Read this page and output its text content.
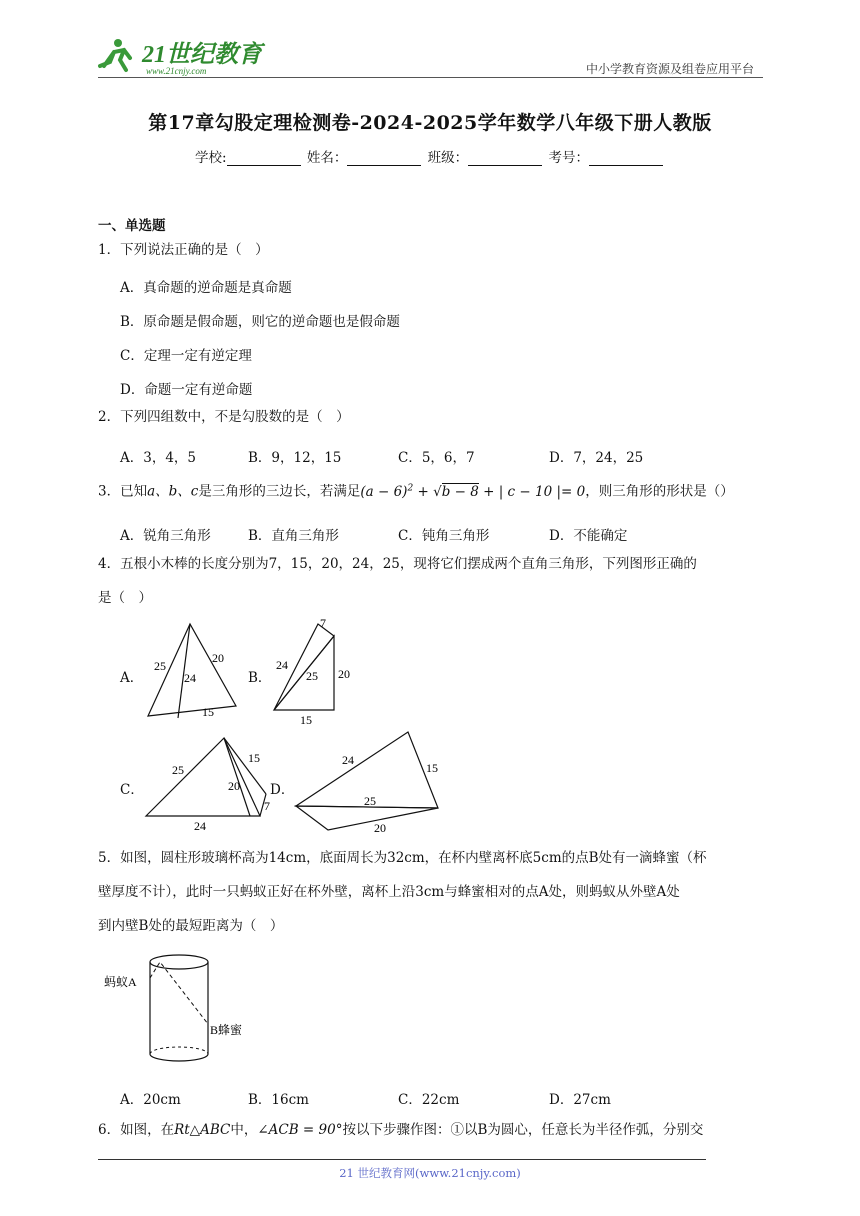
21世纪教育
www.21cnjy.com	中小学教育资源及组卷应用平台
第17章勾股定理检测卷-2024-2025学年数学八年级下册人教版
学校:	姓名：	班级：	考号：
一、单选题
1．下列说法正确的是（　）
A．真命题的逆命题是真命题
B．原命题是假命题，则它的逆命题也是假命题
C．定理一定有逆定理
D．命题一定有逆命题
2．下列四组数中，不是勾股数的是（　）
A．3，4，5	B．9，12，15	C．5，6，7	D．7，24，25
3．已知a、b、c是三角形的三边长，若满足$(a - 6)^2 + √b - 8$ + | c − 10 |= 0，则三角形的形状是（）
A．锐角三角形	B．直角三角形	C．钝角三角形	D．不能确定
4．五根小木棒的长度分别为7，15，20，24，25，现将它们摆成两个直角三角形，下列图形正确的
是（　）
A．	B．
C．	D．
25
20
24
15
7
24
25 20
15
25
15
20
7
24
24
15
25
20
5．如图，圆柱形玻璃杯高为14cm，底面周长为32cm，在杯内壁离杯底5cm的点B处有一滴蜂蜜（杯
壁厚度不计），此时一只蚂蚁正好在杯外壁，离杯上沿3cm与蜂蜜相对的点A处，则蚂蚁从外壁A处
到内壁B处的最短距离为（　）
蚂蚁A
B蜂蜜
A．20cm	B．16cm	C．22cm	D．27cm
6．如图，在Rt△ABC中，∠ACB = 90°按以下步骤作图：①以B为圆心，任意长为半径作弧，分别交
21 世纪教育网(www.21cnjy.com)
